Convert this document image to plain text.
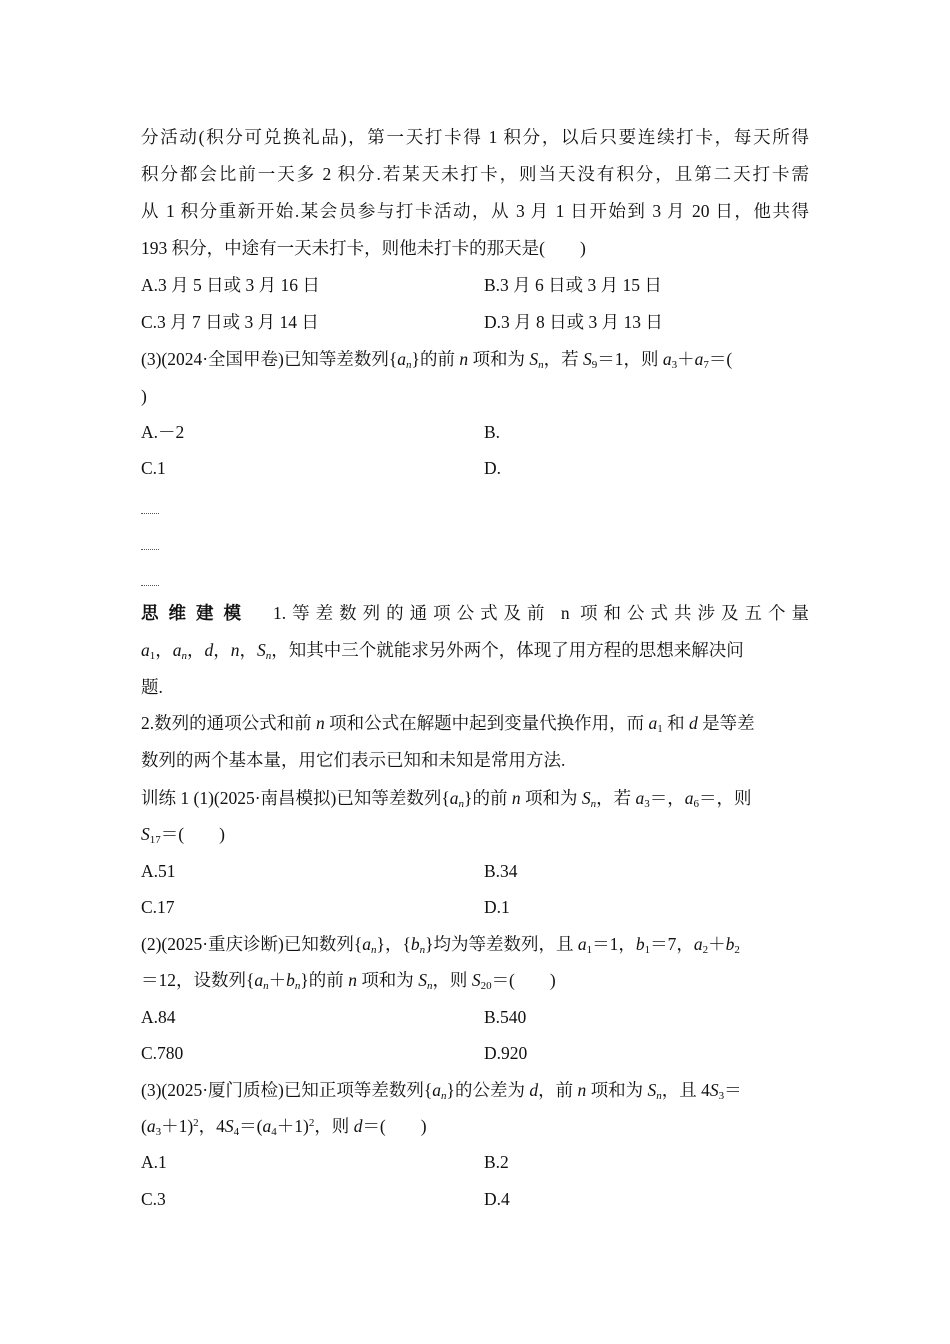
分活动(积分可兑换礼品)，第一天打卡得 1 积分，以后只要连续打卡，每天所得
积分都会比前一天多 2 积分.若某天未打卡，则当天没有积分，且第二天打卡需
从 1 积分重新开始.某会员参与打卡活动，从 3 月 1 日开始到 3 月 20 日，他共得
193 积分，中途有一天未打卡，则他未打卡的那天是(　　)
A.3 月 5 日或 3 月 16 日	B.3 月 6 日或 3 月 15 日
C.3 月 7 日或 3 月 14 日	D.3 月 8 日或 3 月 13 日
(3)(2024·全国甲卷)已知等差数列$\{a_n\}$的前 n 项和为 $S_n$，若 $S_9=1$，则 $a_3+a_7=$(
)
A.－2	B.
C.1	D.
思维建模 1.等差数列的通项公式及前 n 项和公式共涉及五个量
$a_1$，$a_n$，d，n，$S_n$，知其中三个就能求另外两个，体现了用方程的思想来解决问
题.
2.数列的通项公式和前 n 项和公式在解题中起到变量代换作用，而 $a_1$ 和 d 是等差
数列的两个基本量，用它们表示已知和未知是常用方法.
训练 1 (1)(2025·南昌模拟)已知等差数列$\{a_n\}$的前 n 项和为 $S_n$，若 $a_3=$，$a_6=$，则
$S_{17}=$(　　)
A.51	B.34
C.17	D.1
(2)(2025·重庆诊断)已知数列$\{a_n\}$，$\{b_n\}$均为等差数列，且 $a_1=1$，$b_1=7$，$a_2+b_2$
＝12，设数列$\{a_n+b_n\}$的前 n 项和为 $S_n$，则 $S_{20}=$(　　)
A.84	B.540
C.780	D.920
(3)(2025·厦门质检)已知正项等差数列$\{a_n\}$的公差为 d，前 n 项和为 $S_n$，且 $4S_3=$
$(a_3+1)^2$，$4S_4=(a_4+1)^2$，则 d＝(　　)
A.1	B.2
C.3	D.4
